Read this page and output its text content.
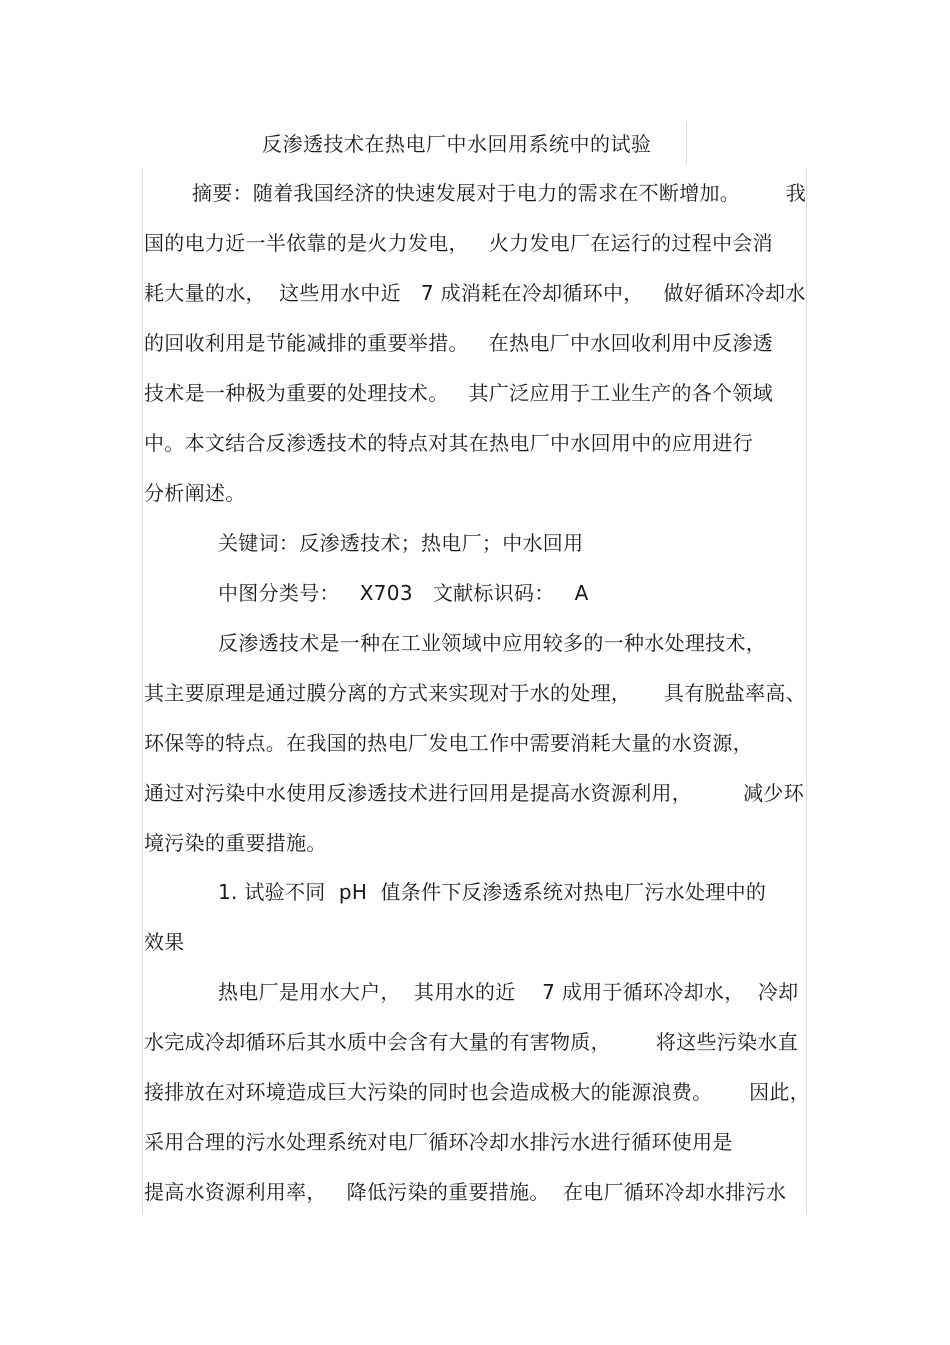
反渗透技术在热电厂中水回用系统中的试验
摘要：随着我国经济的快速发展对于电力的需求在不断增加。	我
国的电力近一半依靠的是火力发电，   火力发电厂在运行的过程中会消
耗大量的水，  这些用水中近   7 成消耗在冷却循环中，   做好循环冷却水
的回收利用是节能减排的重要举措。   在热电厂中水回收利用中反渗透
技术是一种极为重要的处理技术。   其广泛应用于工业生产的各个领域
中。本文结合反渗透技术的特点对其在热电厂中水回用中的应用进行
分析阐述。
关键词：反渗透技术；热电厂；中水回用
中图分类号：   X703   文献标识码：   A
反渗透技术是一种在工业领域中应用较多的一种水处理技术，
其主要原理是通过膜分离的方式来实现对于水的处理，	具有脱盐率高、
环保等的特点。在我国的热电厂发电工作中需要消耗大量的水资源，
通过对污染中水使用反渗透技术进行回用是提高水资源利用，	减少环
境污染的重要措施。
1. 试验不同  pH  值条件下反渗透系统对热电厂污水处理中的
效果
热电厂是用水大户，  其用水的近    7 成用于循环冷却水，  冷却
水完成冷却循环后其水质中会含有大量的有害物质，	将这些污染水直
接排放在对环境造成巨大污染的同时也会造成极大的能源浪费。	因此，
采用合理的污水处理系统对电厂循环冷却水排污水进行循环使用是
提高水资源利用率，   降低污染的重要措施。  在电厂循环冷却水排污水
